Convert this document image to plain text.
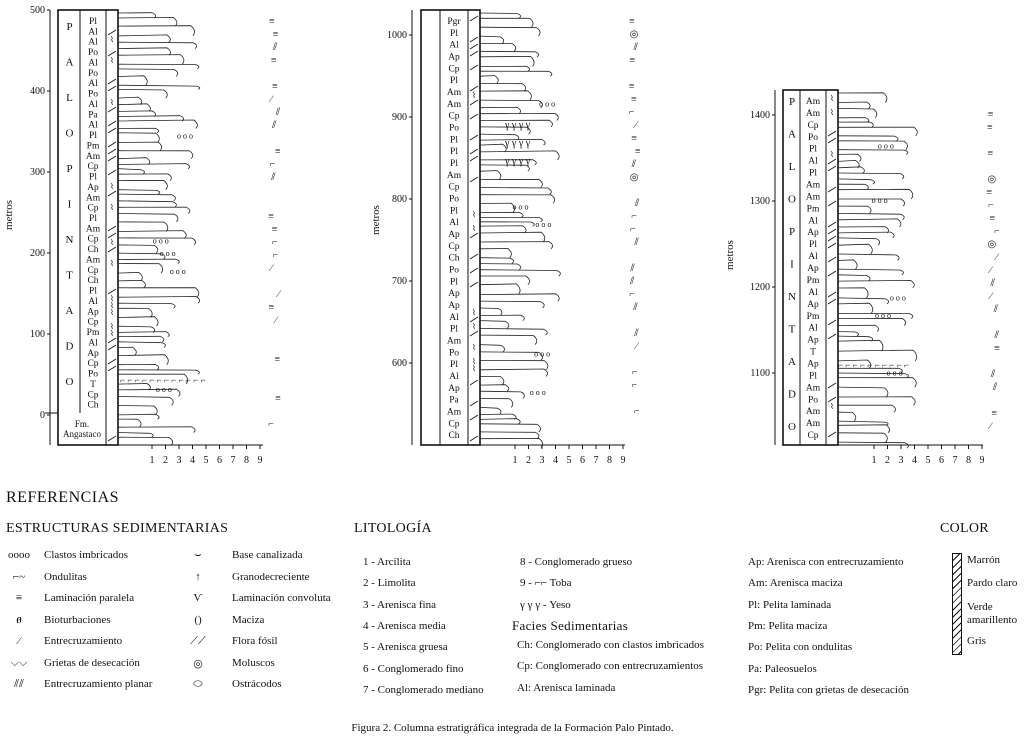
metros
500
400
300
200
100
0
P
A
L
O
P
I
N
T
A
D
O
Fm.
Angastaco
Pl
Al
Al
Po
Al
Po
Al
Po
Al
Pa
Al
Pl
Pm
Am
Cp
Pl
Ap
Am
Cp
Pl
Am
Cp
Ch
Am
Cp
Ch
Pl
Al
Ap
Cp
Pm
Al
Ap
Cp
Po
T
Cp
Ch
⌇
⌇
⌇
⌇
⌇
⌇
⌇
⌇
⌇
⌇
⌇
⌇
1 2 3 4 5 6 7 8 9
≡
≡
⫽
≡
≡
∕
⫽
⫽
≡
⌐
⫽
≡
≡
⌐
⌐
∕
∕
≡
∕
≡
≡
⌐
o o o
o o o
o o o
o o o
o o o
metros
1000
900
800
700
600
Pgr
Pl
Al
Ap
Cp
Pl
Am
Am
Cp
Po
Pl
Pl
Pl
Am
Cp
Po
Pl
Al
Ap
Cp
Ch
Po
Pl
Ap
Ap
Al
Pl
Am
Po
Pl
Al
Ap
Pa
Am
Cp
Ch
⌇
⌇
⌇
⌇
⌇
⌇
⌇
⌇
1 2 3 4 5 6 7 8 9
≡
◎
⫽
≡
≡
≡
⌐
∕
≡
≡
⫽
◎
⫽
⌐
⌐
⫽
⫽
⫽
⌐
⫽
⫽
∕
⌐
⌐
⌐
o o o
o o o
o o o
o o o
o o o
metros
1400
1300
1200
1100
P
A
L
O
P
I
N
T
A
D
O
Am
Am
Cp
Po
Pl
Al
Pl
Am
Am
Pm
Al
Ap
Pl
Al
Ap
Pm
Al
Ap
Pm
Al
Ap
T
Ap
Pl
Am
Po
Am
Am
Cp
⌇
⌇
⌇
⌇
1 2 3 4 5 6 7 8 9
≡
≡
≡
◎
≡
⌐
≡
⌐
◎
∕
∕
⫽
∕
⫽
⫽
≡
⫽
⫽
≡
∕
o o o
o o o
o o o
o o o
o o o
⌐ ⌐ ⌐ ⌐ ⌐ ⌐ ⌐ ⌐ ⌐ ⌐ ⌐ ⌐
⌐ ⌐ ⌐ ⌐ ⌐ ⌐ ⌐ ⌐ ⌐ ⌐
γ γ γ γ
γ γ γ γ
γ γ γ γ
REFERENCIAS
ESTRUCTURAS SEDIMENTARIAS	LITOLOGÍA	COLOR
Facies Sedimentarias
Figura 2. Columna estratigráfica integrada de la Formación Palo Pintado.
oooo	Clastos imbricados
⌐~	Ondulitas
≡	Laminación paralela
ፀ	Bioturbaciones
⁄	Entrecruzamiento
⌵⌵	Grietas de desecación
⫽⫽	Entrecruzamiento planar
⌣	Base canalizada
↑	Granodecreciente
Ѵ	Laminación convoluta
()	Maciza
⟋⟋	Flora fósil
◎	Moluscos
⬭	Ostrácodos
1 - Arcilita
2 - Limolita
3 - Arenisca fina
4 - Arenisca media
5 - Arenisca gruesa
6 - Conglomerado fino
7 - Conglomerado mediano
8 - Conglomerado grueso
9 - ⌐⌐ Toba
γ γ γ - Yeso
Ch: Conglomerado con clastos imbricados
Cp: Conglomerado con entrecruzamientos
Al: Arenisca laminada
Ap: Arenisca con entrecruzamiento
Am: Arenisca maciza
Pl: Pelita laminada
Pm: Pelita maciza
Po: Pelita con ondulitas
Pa: Paleosuelos
Pgr: Pelita con grietas de desecación
Marrón
Pardo claro
Verde amarillento
Gris
